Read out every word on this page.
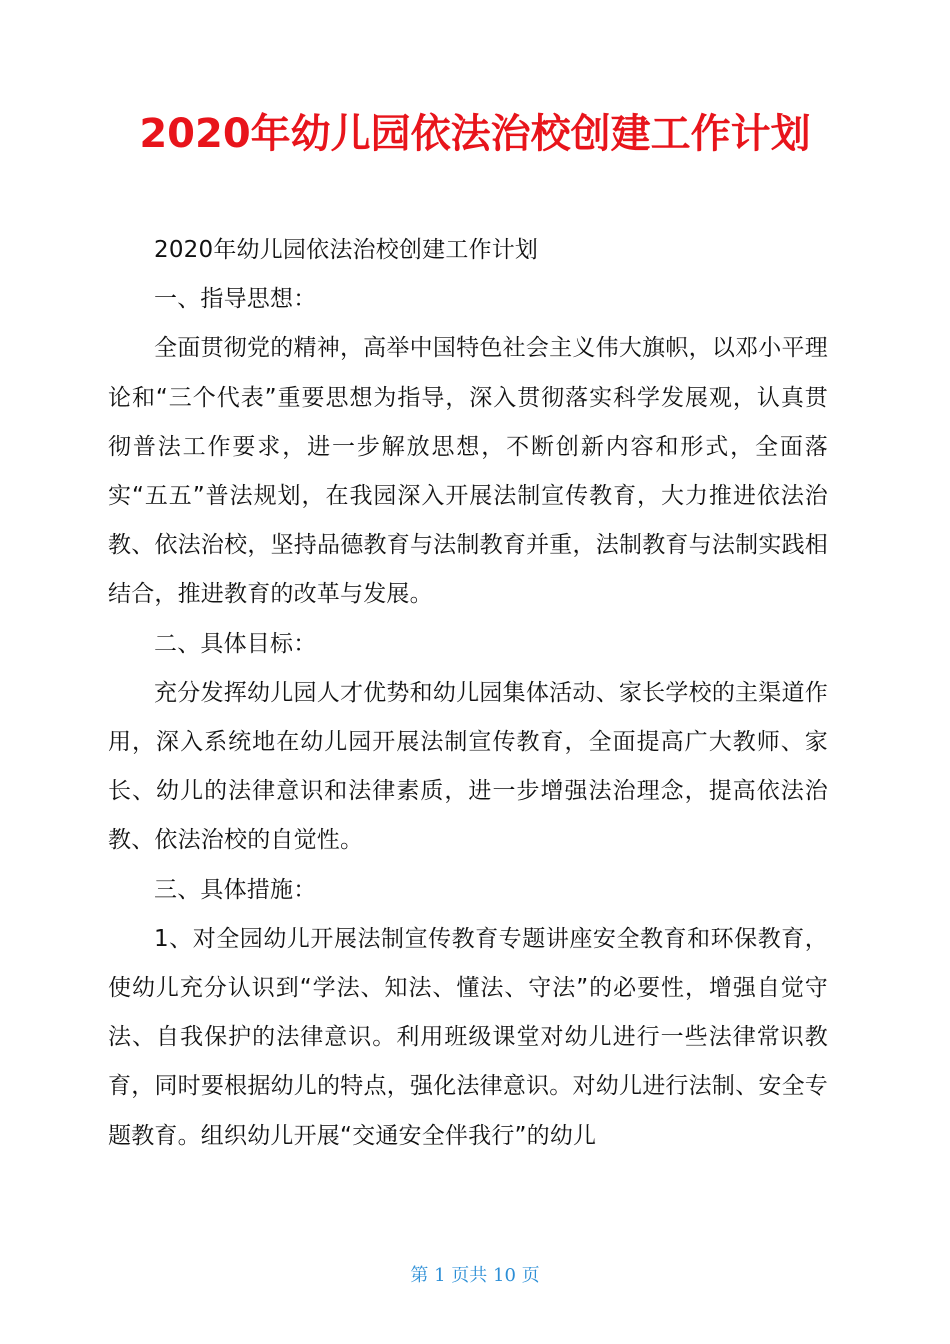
2020年幼儿园依法治校创建工作计划

2020年幼儿园依法治校创建工作计划

一、指导思想：

全面贯彻党的精神，高举中国特色社会主义伟大旗帜，以邓小平理论和“三个代表”重要思想为指导，深入贯彻落实科学发展观，认真贯彻普法工作要求，进一步解放思想，不断创新内容和形式，全面落实“五五”普法规划，在我园深入开展法制宣传教育，大力推进依法治教、依法治校，坚持品德教育与法制教育并重，法制教育与法制实践相结合，推进教育的改革与发展。

二、具体目标：

充分发挥幼儿园人才优势和幼儿园集体活动、家长学校的主渠道作用，深入系统地在幼儿园开展法制宣传教育，全面提高广大教师、家长、幼儿的法律意识和法律素质，进一步增强法治理念，提高依法治教、依法治校的自觉性。

三、具体措施：

1、对全园幼儿开展法制宣传教育专题讲座安全教育和环保教育，使幼儿充分认识到“学法、知法、懂法、守法”的必要性，增强自觉守法、自我保护的法律意识。利用班级课堂对幼儿进行一些法律常识教育，同时要根据幼儿的特点，强化法律意识。对幼儿进行法制、安全专题教育。组织幼儿开展“交通安全伴我行”的幼儿

第 1 页共 10 页
